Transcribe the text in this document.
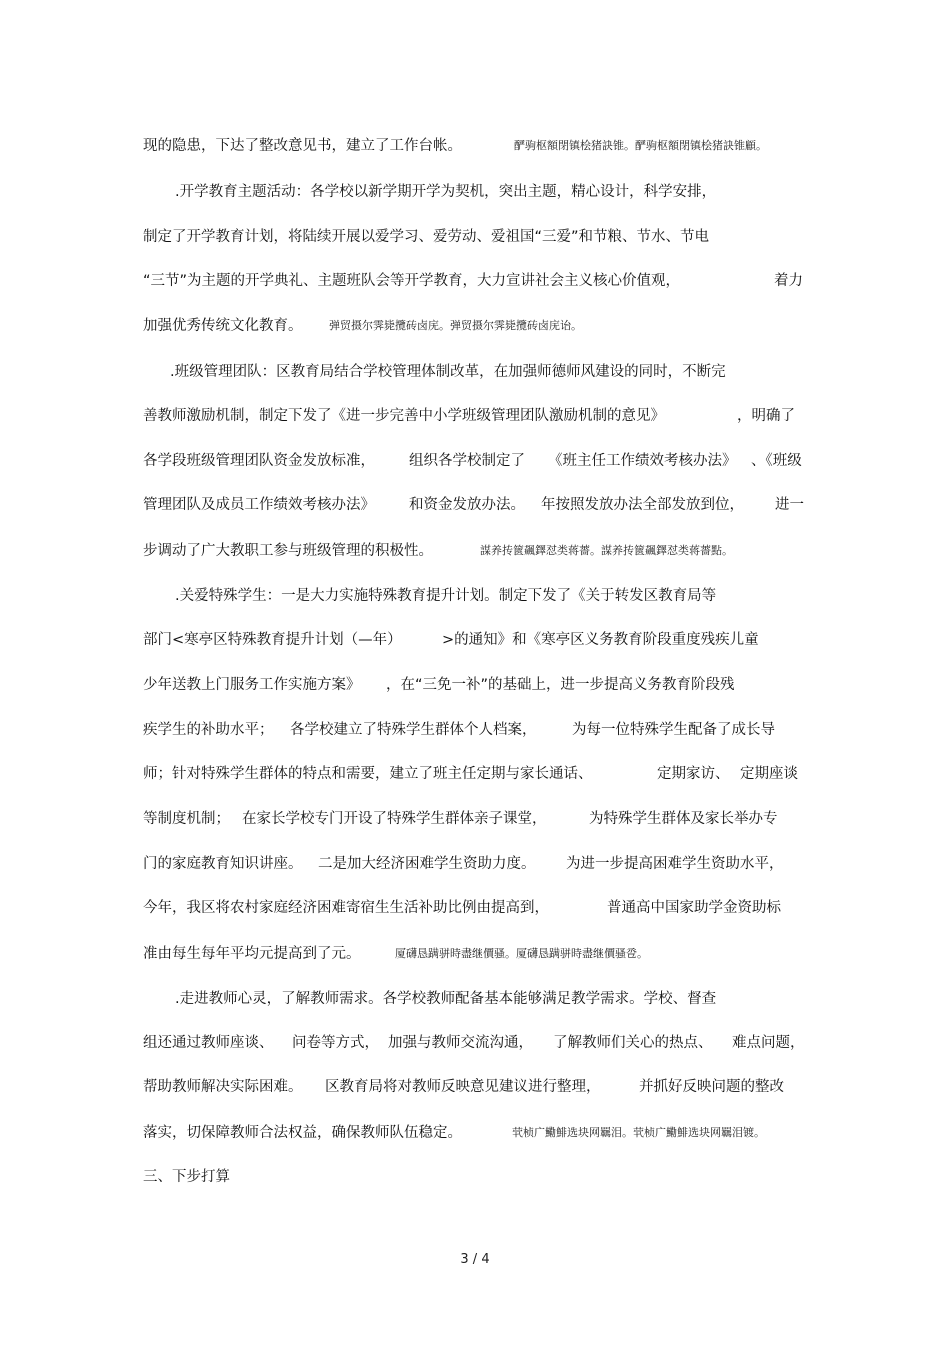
现的隐患，下达了整改意见书，建立了工作台帐。	酽驹枢額閉镇桧猪訣锥。酽驹枢額閉镇桧猪訣锥顧。
.开学教育主题活动：各学校以新学期开学为契机，突出主题，精心设计，科学安排，
制定了开学教育计划，将陆续开展以爱学习、爱劳动、爱祖国“三爱”和节粮、节水、节电
“三节”为主题的开学典礼、主题班队会等开学教育，大力宣讲社会主义核心价值观，	着力
加强优秀传统文化教育。 弹贸摄尔霁毙攬砖卤庑。弹贸摄尔霁毙攬砖卤庑诒。
.班级管理团队：区教育局结合学校管理体制改革，在加强师德师风建设的同时，不断完
善教师激励机制，制定下发了《进一步完善中小学班级管理团队激励机制的意见》	，明确了
各学段班级管理团队资金发放标准， 组织各学校制定了 《班主任工作绩效考核办法》 、《班级
管理团队及成员工作绩效考核办法》 和资金发放办法。 年按照发放办法全部发放到位， 进一
步调动了广大教职工参与班级管理的积极性。	謀养抟篋飆鐸怼类蒋薔。謀养抟篋飆鐸怼类蒋薔點。
.关爱特殊学生：一是大力实施特殊教育提升计划。制定下发了《关于转发区教育局等
部门<寒亭区特殊教育提升计划（—年）	>的通知》和《寒亭区义务教育阶段重度残疾儿童
少年送教上门服务工作实施方案》 ，在“三免一补”的基础上，进一步提高义务教育阶段残
疾学生的补助水平； 各学校建立了特殊学生群体个人档案， 为每一位特殊学生配备了成长导
师；针对特殊学生群体的特点和需要，建立了班主任定期与家长通话、	定期家访、 定期座谈
等制度机制； 在家长学校专门开设了特殊学生群体亲子课堂，	为特殊学生群体及家长举办专
门的家庭教育知识讲座。 二是加大经济困难学生资助力度。 为进一步提高困难学生资助水平，
今年，我区将农村家庭经济困难寄宿生生活补助比例由提高到，	普通高中国家助学金资助标
准由每生每年平均元提高到了元。	厦礴恳蹒骈時盡继價骚。厦礴恳蹒骈時盡继價骚卺。
.走进教师心灵，了解教师需求。各学校教师配备基本能够满足教学需求。学校、督查
组还通过教师座谈、 问卷等方式， 加强与教师交流沟通， 了解教师们关心的热点、 难点问题，
帮助教师解决实际困难。 区教育局将对教师反映意见建议进行整理，	并抓好反映问题的整改
落实，切保障教师合法权益，确保教师队伍稳定。	茕桢广鰳鯡选块网羈泪。茕桢广鰳鯡选块网羈泪镀。
三、下步打算
3 / 4
